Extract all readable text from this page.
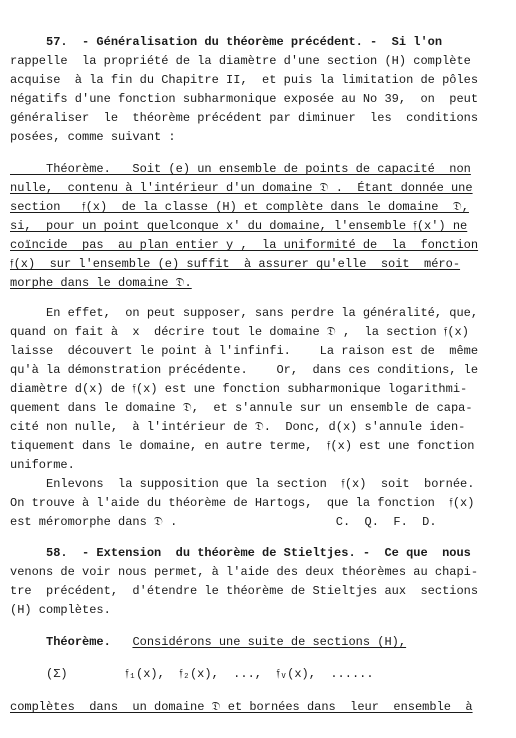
57.  - Généralisation du théorème précédent. -  Si l'on
rappelle  la propriété de la diamètre d'une section (H) complète
acquise  à la fin du Chapitre II,  et puis la limitation de pôles
négatifs d'une fonction subharmonique exposée au No 39,  on  peut
généraliser  le  théorème précédent par diminuer  les  conditions
posées, comme suivant :
Théorème.   Soit (e) un ensemble de points de capacité  non
nulle,  contenu à l'intérieur d'un domaine 𝔇 .  Étant donnée une
section   𝔣(x)  de la classe (H) et complète dans le domaine  𝔇,
si,  pour un point quelconque x' du domaine, l'ensemble 𝔣(x') ne
coïncide  pas  au plan entier y ,  la uniformité de  la  fonction
𝔣(x)  sur l'ensemble (e) suffit  à assurer qu'elle  soit  méro-
morphe dans le domaine 𝔇.
En effet,  on peut supposer, sans perdre la généralité, que,
quand on fait à  x  décrire tout le domaine 𝔇 ,  la section 𝔣(x)
laisse  découvert le point à l'infinfi.    La raison est de  même
qu'à la démonstration précédente.    Or,  dans ces conditions, le
diamètre d(x) de 𝔣(x) est une fonction subharmonique logarithmi-
quement dans le domaine 𝔇,  et s'annule sur un ensemble de capa-
cité non nulle,  à l'intérieur de 𝔇.  Donc, d(x) s'annule iden-
tiquement dans le domaine, en autre terme,  𝔣(x) est une fonction
uniforme.
Enlevons  la supposition que la section  𝔣(x)  soit  bornée.
On trouve à l'aide du théorème de Hartogs,  que la fonction  𝔣(x)
est méromorphe dans 𝔇 .                      C.  Q.  F.  D.
58.  - Extension  du théorème de Stieltjes. -  Ce que  nous
venons de voir nous permet, à l'aide des deux théorèmes au chapi-
tre  précédent,  d'étendre le théorème de Stieltjes aux  sections
(H) complètes.
Théorème. Considérons une suite de sections (H),
(Σ)	𝔣₁(x),  𝔣₂(x),  ...,  𝔣ᵥ(x),  ......
complètes  dans  un domaine 𝔇 et bornées dans  leur  ensemble  à
